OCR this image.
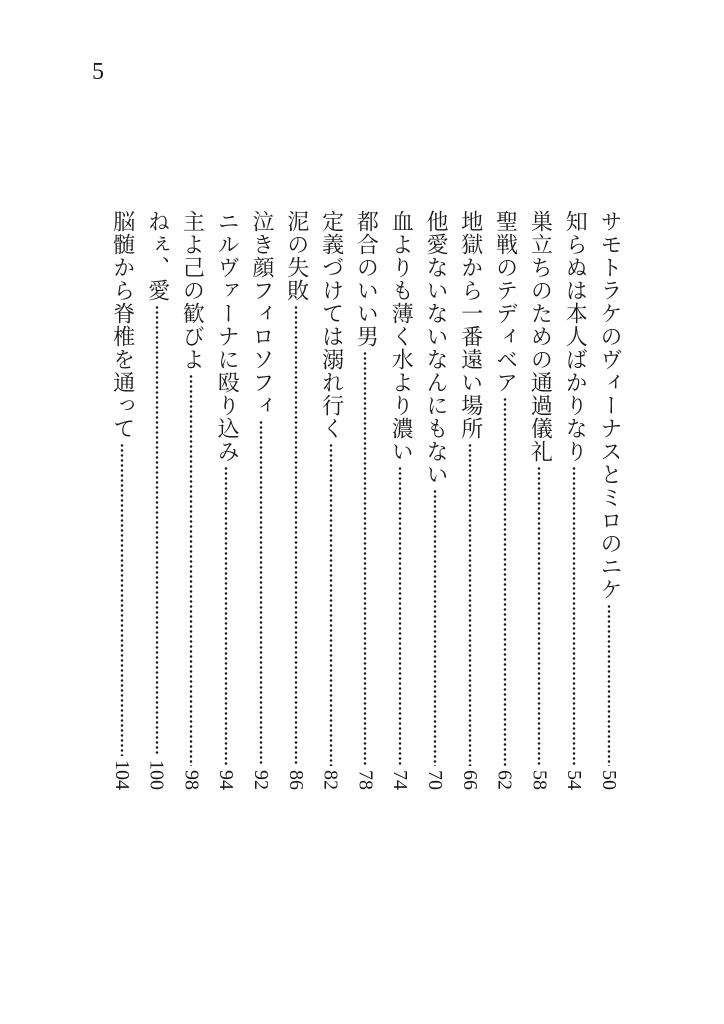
5
サモトラケのヴィーナスとミロのニケ
50
知らぬは本人ばかりなり
54
巣立ちのための通過儀礼
58
聖戦のテディベア
62
地獄から一番遠い場所
66
他愛ないないなんにもない
70
血よりも薄く水より濃い
74
都合のいい男
78
定義づけては溺れ行く
82
泥の失敗
86
泣き顔フィロソフィ
92
ニルヴァーナに殴り込み
94
主よ己の歓びよ
98
ねぇ、愛
100
脳髄から脊椎を通って
104
